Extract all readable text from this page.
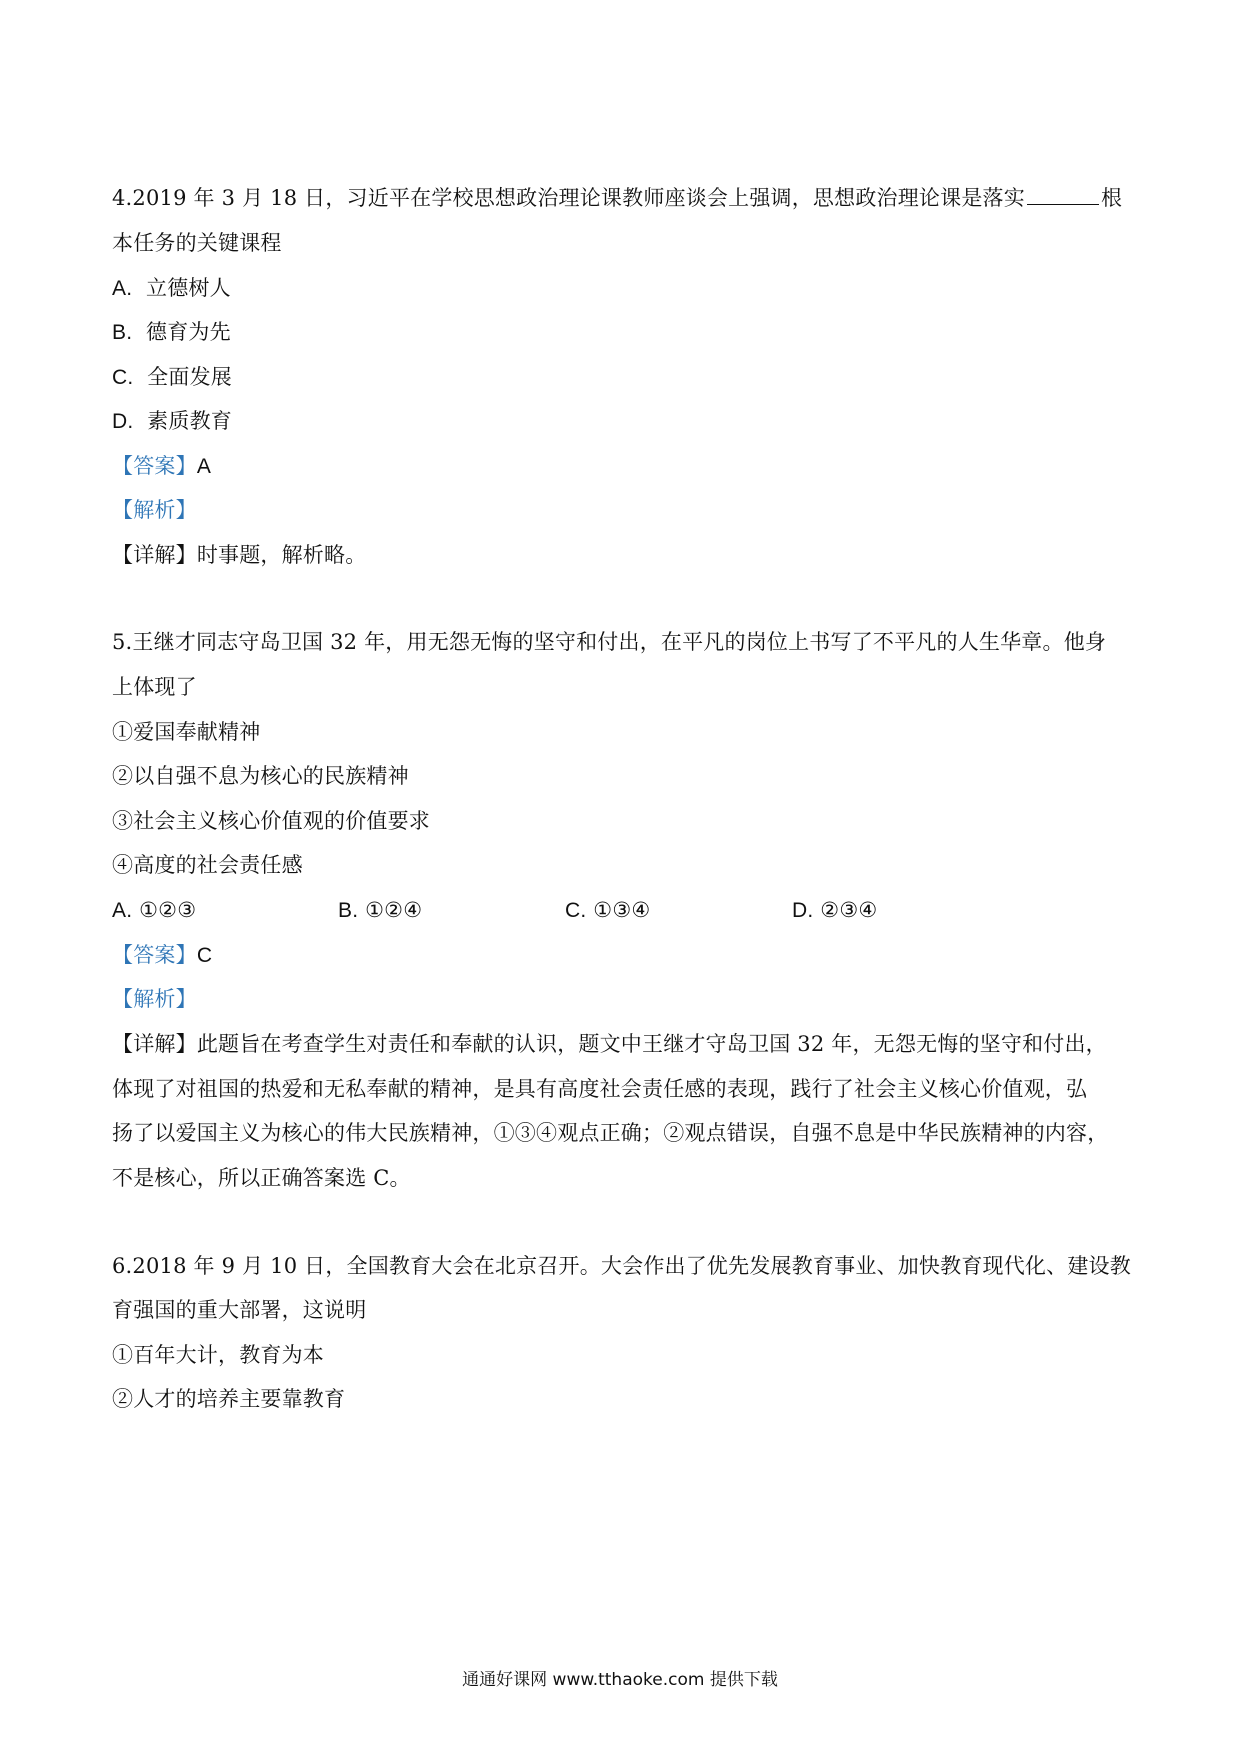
4.2019 年 3 月 18 日，习近平在学校思想政治理论课教师座谈会上强调，思想政治理论课是落实	根
本任务的关键课程
A. 立德树人
B. 德育为先
C. 全面发展
D. 素质教育
【答案】A
【解析】
【详解】时事题，解析略。
5.王继才同志守岛卫国 32 年，用无怨无悔的坚守和付出，在平凡的岗位上书写了不平凡的人生华章。他身
上体现了
①爱国奉献精神
②以自强不息为核心的民族精神
③社会主义核心价值观的价值要求
④高度的社会责任感
A. ①②③	B. ①②④	C. ①③④	D. ②③④
【答案】C
【解析】
【详解】此题旨在考查学生对责任和奉献的认识，题文中王继才守岛卫国 32 年，无怨无悔的坚守和付出，
体现了对祖国的热爱和无私奉献的精神，是具有高度社会责任感的表现，践行了社会主义核心价值观，弘
扬了以爱国主义为核心的伟大民族精神，①③④观点正确；②观点错误，自强不息是中华民族精神的内容，
不是核心，所以正确答案选 C。
6.2018 年 9 月 10 日，全国教育大会在北京召开。大会作出了优先发展教育事业、加快教育现代化、建设教
育强国的重大部署，这说明
①百年大计，教育为本
②人才的培养主要靠教育
通通好课网 www.tthaoke.com 提供下载
